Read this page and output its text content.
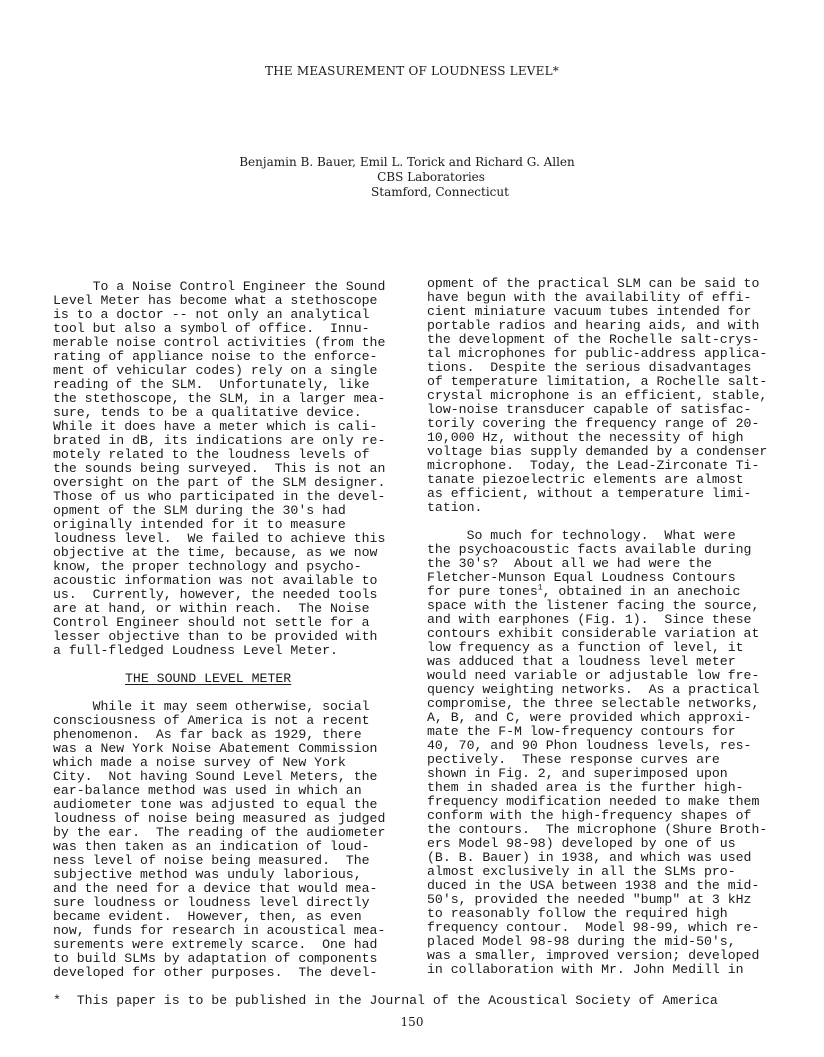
THE MEASUREMENT OF LOUDNESS LEVEL*
Benjamin B. Bauer, Emil L. Torick and Richard G. Allen
CBS Laboratories
Stamford, Connecticut
To a Noise Control Engineer the Sound
Level Meter has become what a stethoscope
is to a doctor -- not only an analytical
tool but also a symbol of office.  Innu-
merable noise control activities (from the
rating of appliance noise to the enforce-
ment of vehicular codes) rely on a single
reading of the SLM.  Unfortunately, like
the stethoscope, the SLM, in a larger mea-
sure, tends to be a qualitative device.
While it does have a meter which is cali-
brated in dB, its indications are only re-
motely related to the loudness levels of
the sounds being surveyed.  This is not an
oversight on the part of the SLM designer.
Those of us who participated in the devel-
opment of the SLM during the 30's had
originally intended for it to measure
loudness level.  We failed to achieve this
objective at the time, because, as we now
know, the proper technology and psycho-
acoustic information was not available to
us.  Currently, however, the needed tools
are at hand, or within reach.  The Noise
Control Engineer should not settle for a
lesser objective than to be provided with
a full-fledged Loudness Level Meter.
THE SOUND LEVEL METER
While it may seem otherwise, social
consciousness of America is not a recent
phenomenon.  As far back as 1929, there
was a New York Noise Abatement Commission
which made a noise survey of New York
City.  Not having Sound Level Meters, the
ear-balance method was used in which an
audiometer tone was adjusted to equal the
loudness of noise being measured as judged
by the ear.  The reading of the audiometer
was then taken as an indication of loud-
ness level of noise being measured.  The
subjective method was unduly laborious,
and the need for a device that would mea-
sure loudness or loudness level directly
became evident.  However, then, as even
now, funds for research in acoustical mea-
surements were extremely scarce.  One had
to build SLMs by adaptation of components
developed for other purposes.  The devel-
opment of the practical SLM can be said to
have begun with the availability of effi-
cient miniature vacuum tubes intended for
portable radios and hearing aids, and with
the development of the Rochelle salt-crys-
tal microphones for public-address applica-
tions.  Despite the serious disadvantages
of temperature limitation, a Rochelle salt-
crystal microphone is an efficient, stable,
low-noise transducer capable of satisfac-
torily covering the frequency range of 20-
10,000 Hz, without the necessity of high
voltage bias supply demanded by a condenser
microphone.  Today, the Lead-Zirconate Ti-
tanate piezoelectric elements are almost
as efficient, without a temperature limi-
tation.
So much for technology.  What were
the psychoacoustic facts available during
the 30's?  About all we had were the
Fletcher-Munson Equal Loudness Contours
for pure tones$^1$, obtained in an anechoic
space with the listener facing the source,
and with earphones (Fig. 1).  Since these
contours exhibit considerable variation at
low frequency as a function of level, it
was adduced that a loudness level meter
would need variable or adjustable low fre-
quency weighting networks.  As a practical
compromise, the three selectable networks,
A, B, and C, were provided which approxi-
mate the F-M low-frequency contours for
40, 70, and 90 Phon loudness levels, res-
pectively.  These response curves are
shown in Fig. 2, and superimposed upon
them in shaded area is the further high-
frequency modification needed to make them
conform with the high-frequency shapes of
the contours.  The microphone (Shure Broth-
ers Model 98-98) developed by one of us
(B. B. Bauer) in 1938, and which was used
almost exclusively in all the SLMs pro-
duced in the USA between 1938 and the mid-
50's, provided the needed "bump" at 3 kHz
to reasonably follow the required high
frequency contour.  Model 98-99, which re-
placed Model 98-98 during the mid-50's,
was a smaller, improved version; developed
in collaboration with Mr. John Medill in
*  This paper is to be published in the Journal of the Acoustical Society of America
150
